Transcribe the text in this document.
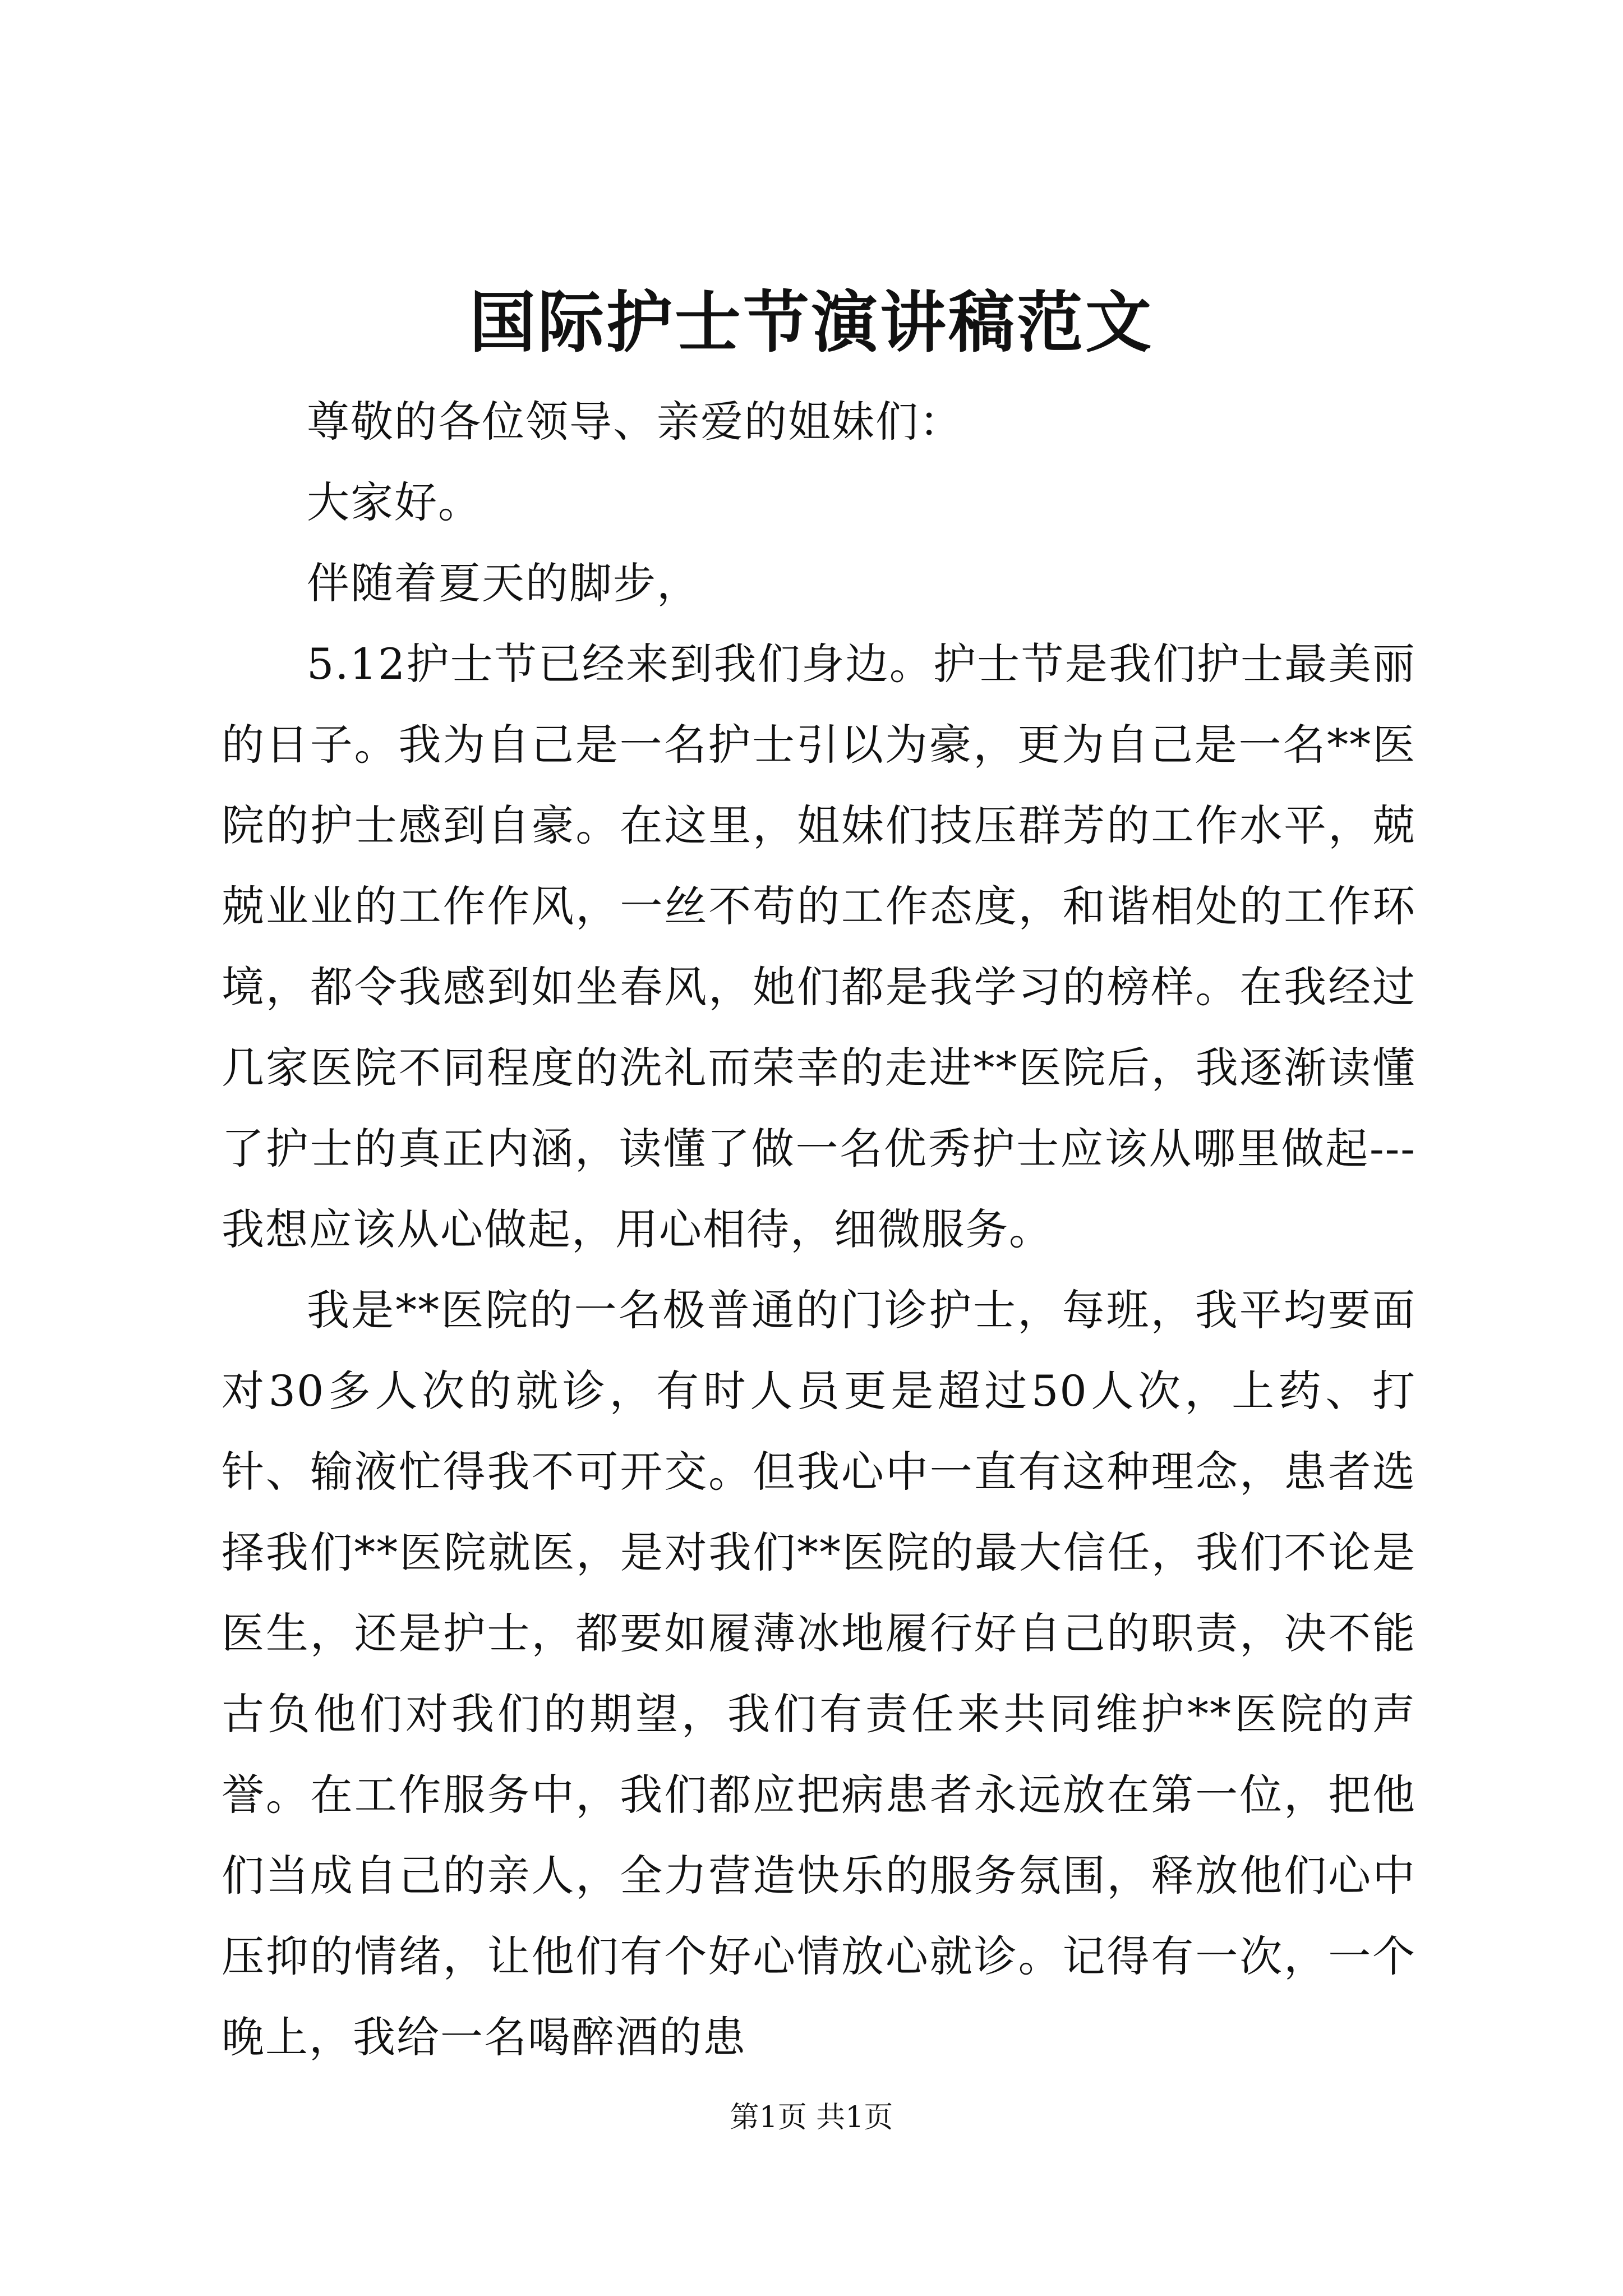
国际护士节演讲稿范文

尊敬的各位领导、亲爱的姐妹们：

大家好。

伴随着夏天的脚步，

5.12护士节已经来到我们身边。护士节是我们护士最美丽的日子。我为自己是一名护士引以为豪，更为自己是一名**医院的护士感到自豪。在这里，姐妹们技压群芳的工作水平，兢兢业业的工作作风，一丝不苟的工作态度，和谐相处的工作环境，都令我感到如坐春风，她们都是我学习的榜样。在我经过几家医院不同程度的洗礼而荣幸的走进**医院后，我逐渐读懂了护士的真正内涵，读懂了做一名优秀护士应该从哪里做起---我想应该从心做起，用心相待，细微服务。

我是**医院的一名极普通的门诊护士，每班，我平均要面对30多人次的就诊，有时人员更是超过50人次，上药、打针、输液忙得我不可开交。但我心中一直有这种理念，患者选择我们**医院就医，是对我们**医院的最大信任，我们不论是医生，还是护士，都要如履薄冰地履行好自己的职责，决不能古负他们对我们的期望，我们有责任来共同维护**医院的声誉。在工作服务中，我们都应把病患者永远放在第一位，把他们当成自己的亲人，全力营造快乐的服务氛围，释放他们心中压抑的情绪，让他们有个好心情放心就诊。记得有一次，一个晚上，我给一名喝醉酒的患

第1页 共1页
